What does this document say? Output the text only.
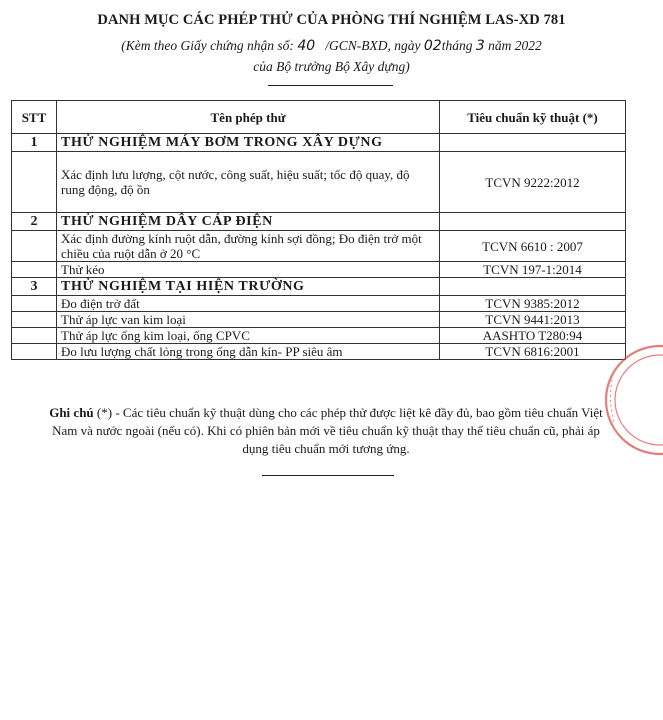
DANH MỤC CÁC PHÉP THỬ CỦA PHÒNG THÍ NGHIỆM LAS-XD 781
(Kèm theo Giấy chứng nhận số: 40 /GCN-BXD, ngày 02tháng 3 năm 2022
của Bộ trưởng Bộ Xây dựng)
STT	Tên phép thử	Tiêu chuẩn kỹ thuật (*)
1	THỬ NGHIỆM MÁY BƠM TRONG XÂY DỰNG	
	Xác định lưu lượng, cột nước, công suất, hiệu suất; tốc độ quay, độ rung động, độ ồn	TCVN 9222:2012
2	THỬ NGHIỆM DÂY CÁP ĐIỆN	
	Xác định đường kính ruột dẫn, đường kính sợi đồng; Đo điện trở một chiều của ruột dẫn ở 20 °C	TCVN 6610 : 2007
	Thử kéo	TCVN 197-1:2014
3	THỬ NGHIỆM TẠI HIỆN TRƯỜNG	
	Đo điện trở đất	TCVN 9385:2012
	Thử áp lực van kim loại	TCVN 9441:2013
	Thử áp lực ống kim loại, ống CPVC	AASHTO T280:94
	Đo lưu lượng chất lỏng trong ống dẫn kín- PP siêu âm	TCVN 6816:2001
Ghi chú (*) - Các tiêu chuẩn kỹ thuật dùng cho các phép thử được liệt kê đầy đủ, bao gồm tiêu chuẩn Việt Nam và nước ngoài (nếu có). Khi có phiên bản mới về tiêu chuẩn kỹ thuật thay thế tiêu chuẩn cũ, phải áp dụng tiêu chuẩn mới tương ứng.
